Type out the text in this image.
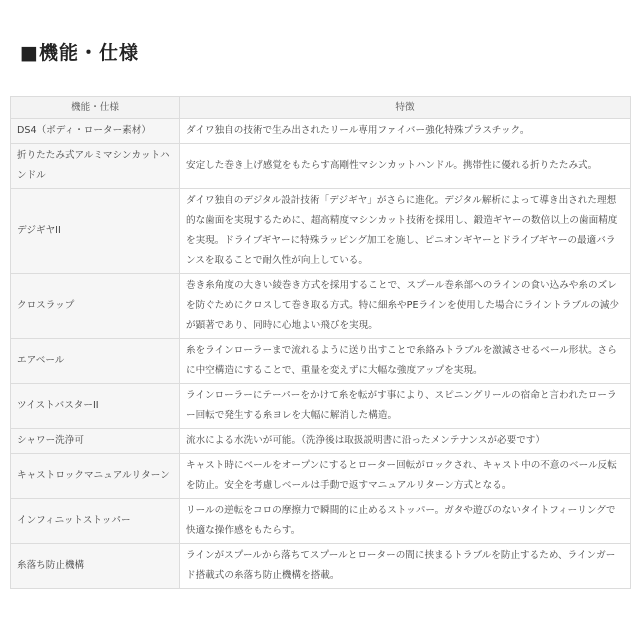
■機能・仕様
機能・仕様	特徴
DS4（ボディ・ローター素材）	ダイワ独自の技術で生み出されたリール専用ファイバー強化特殊プラスチック。
折りたたみ式アルミマシンカットハンドル	安定した巻き上げ感覚をもたらす高剛性マシンカットハンドル。携帯性に優れる折りたたみ式。
デジギヤII	ダイワ独自のデジタル設計技術「デジギヤ」がさらに進化。デジタル解析によって導き出された理想的な歯面を実現するために、超高精度マシンカット技術を採用し、鍛造ギヤーの数倍以上の歯面精度を実現。ドライブギヤーに特殊ラッピング加工を施し、ピニオンギヤーとドライブギヤーの最適バランスを取ることで耐久性が向上している。
クロスラップ	巻き糸角度の大きい綾巻き方式を採用することで、スプール巻糸部へのラインの食い込みや糸のズレを防ぐためにクロスして巻き取る方式。特に細糸やPEラインを使用した場合にライントラブルの減少が顕著であり、同時に心地よい飛びを実現。
エアベール	糸をラインローラーまで流れるように送り出すことで糸絡みトラブルを激減させるベール形状。さらに中空構造にすることで、重量を変えずに大幅な強度アップを実現。
ツイストバスターII	ラインローラーにテーパーをかけて糸を転がす事により、スピニングリールの宿命と言われたローラー回転で発生する糸ヨレを大幅に解消した構造。
シャワー洗浄可	流水による水洗いが可能。（洗浄後は取扱説明書に沿ったメンテナンスが必要です）
キャストロックマニュアルリターン	キャスト時にベールをオープンにするとローター回転がロックされ、キャスト中の不意のベール反転を防止。安全を考慮しベールは手動で返すマニュアルリターン方式となる。
インフィニットストッパー	リールの逆転をコロの摩擦力で瞬間的に止めるストッパー。ガタや遊びのないタイトフィーリングで快適な操作感をもたらす。
糸落ち防止機構	ラインがスプールから落ちてスプールとローターの間に挟まるトラブルを防止するため、ラインガード搭載式の糸落ち防止機構を搭載。
